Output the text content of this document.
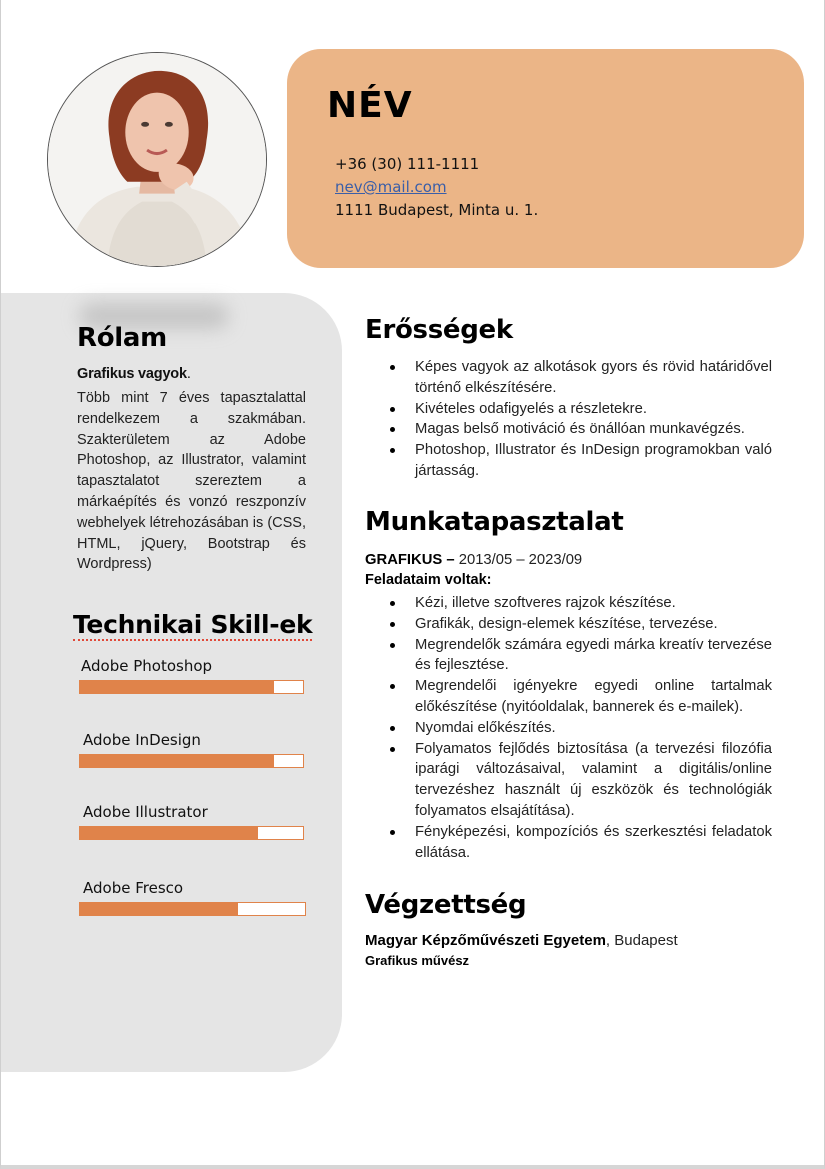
NÉV
+36 (30) 111-1111
nev@mail.com
1111 Budapest, Minta u. 1.
Rólam
Grafikus vagyok.
Több mint 7 éves tapasztalattal rendelkezem a szakmában. Szakterületem az Adobe Photoshop, az Illustrator, valamint tapasztalatot szereztem a márkaépítés és vonzó reszponzív webhelyek létrehozásában is (CSS, HTML, jQuery, Bootstrap és Wordpress)
Technikai Skill-ek
Adobe Photoshop
Adobe InDesign
Adobe Illustrator
Adobe Fresco
Erősségek
Képes vagyok az alkotások gyors és rövid határidővel történő elkészítésére.
Kivételes odafigyelés a részletekre.
Magas belső motiváció és önállóan munkavégzés.
Photoshop, Illustrator és InDesign programokban való jártasság.
Munkatapasztalat
GRAFIKUS – 2013/05 – 2023/09
Feladataim voltak:
Kézi, illetve szoftveres rajzok készítése.
Grafikák, design-elemek készítése, tervezése.
Megrendelők számára egyedi márka kreatív tervezése és fejlesztése.
Megrendelői igényekre egyedi online tartalmak előkészítése (nyitóoldalak, bannerek és e-mailek).
Nyomdai előkészítés.
Folyamatos fejlődés biztosítása (a tervezési filozófia iparági változásaival, valamint a digitális/online tervezéshez használt új eszközök és technológiák folyamatos elsajátítása).
Fényképezési, kompozíciós és szerkesztési feladatok ellátása.
Végzettség
Magyar Képzőművészeti Egyetem, Budapest
Grafikus művész
